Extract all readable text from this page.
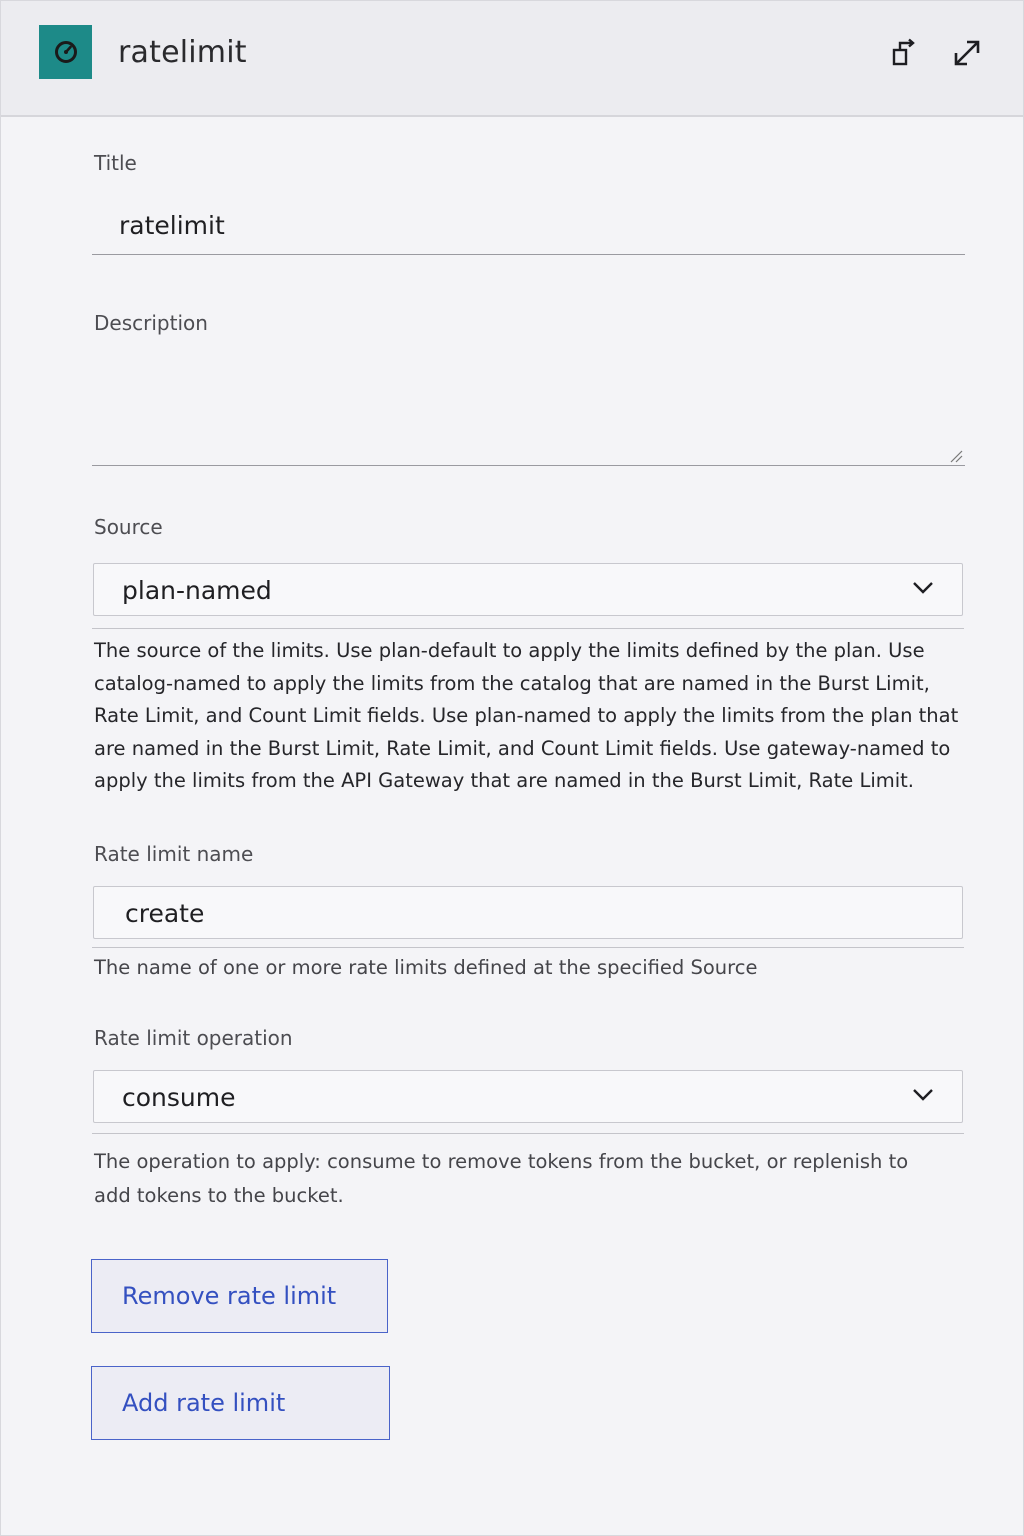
ratelimit
Title
ratelimit
Description
Source
plan-named
The source of the limits. Use plan-default to apply the limits defined by the plan. Use catalog-named to apply the limits from the catalog that are named in the Burst Limit, Rate Limit, and Count Limit fields. Use plan-named to apply the limits from the plan that are named in the Burst Limit, Rate Limit, and Count Limit fields. Use gateway-named to apply the limits from the API Gateway that are named in the Burst Limit, Rate Limit.
Rate limit name
create
The name of one or more rate limits defined at the specified Source
Rate limit operation
consume
The operation to apply: consume to remove tokens from the bucket, or replenish to add tokens to the bucket.
Remove rate limit
Add rate limit
